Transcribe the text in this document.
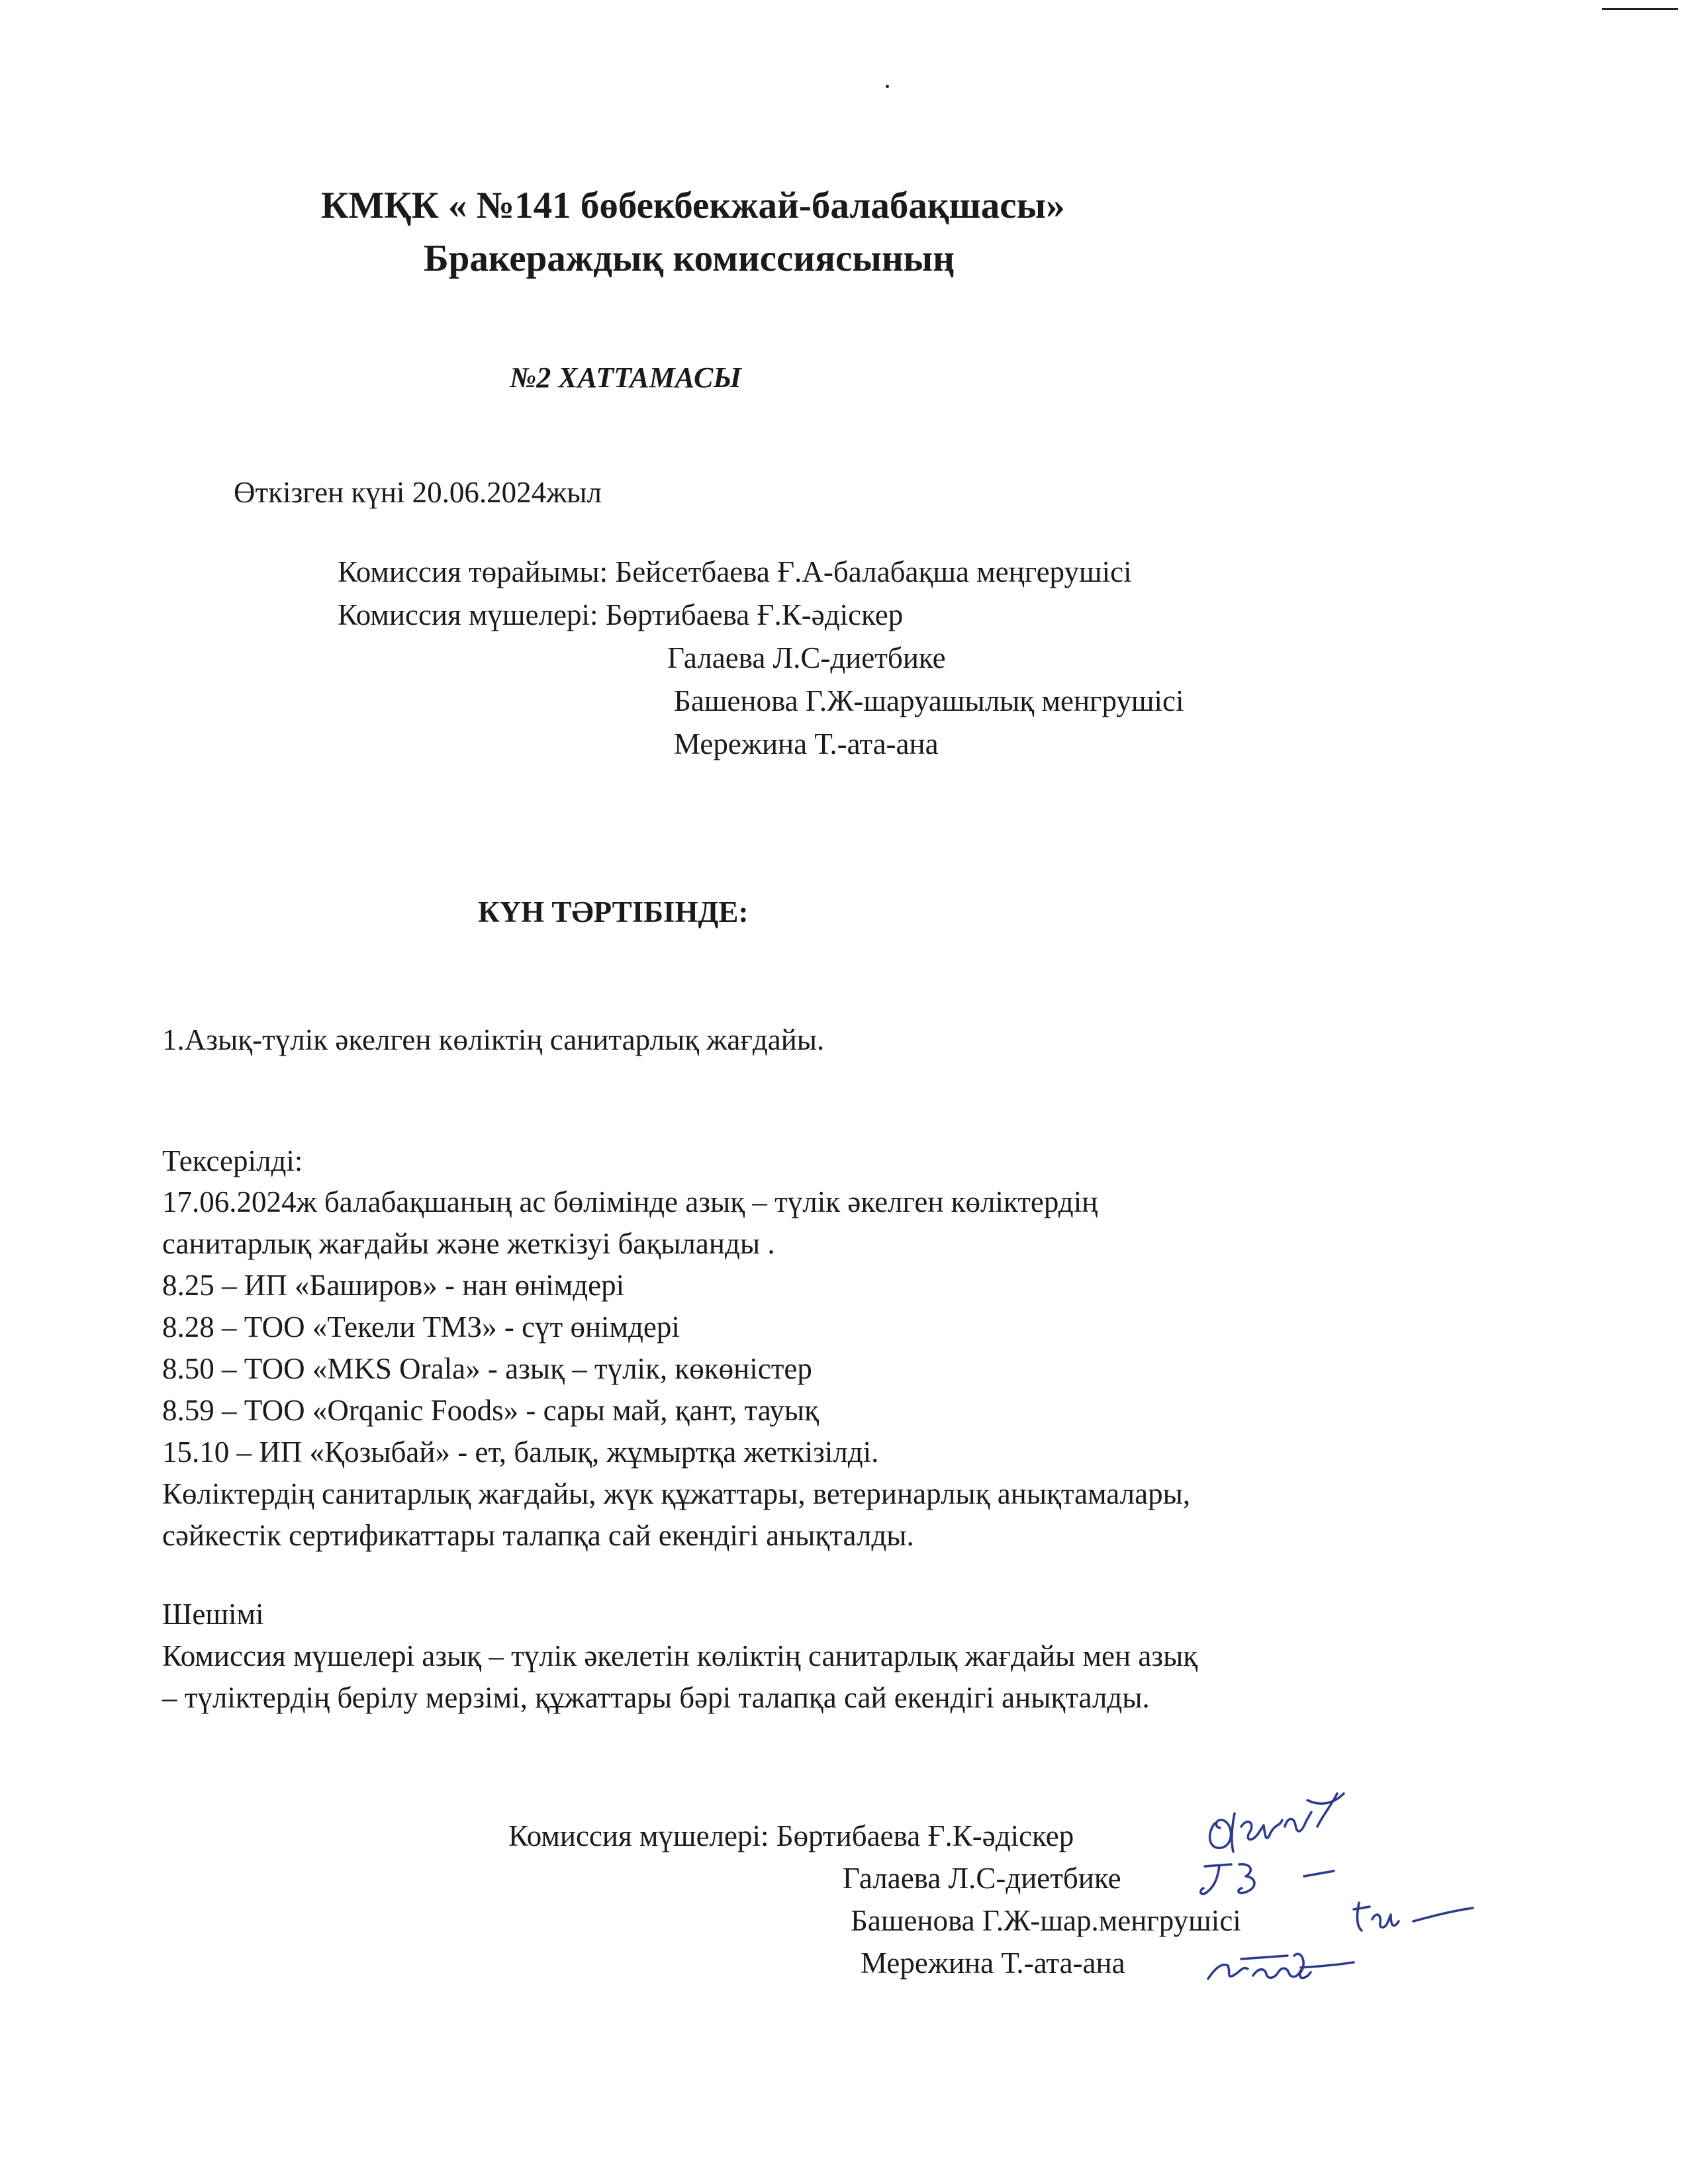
КМҚК « №141 бөбекбекжай-балабақшасы»
Бракераждық комиссиясының
№2 ХАТТАМАСЫ
Өткізген күні 20.06.2024жыл
Комиссия төрайымы: Бейсетбаева Ғ.А-балабақша меңгерушісі
Комиссия мүшелері: Бөртибаева Ғ.К-әдіскер
Галаева Л.С-диетбике
Башенова Г.Ж-шаруашылық менгрушісі
Мережина Т.-ата-ана
КҮН ТӘРТІБІНДЕ:
1.Азық-түлік әкелген көліктің санитарлық жағдайы.
Тексерілді:
17.06.2024ж балабақшаның ас бөлімінде азық – түлік әкелген көліктердің
санитарлық жағдайы және жеткізуі бақыланды .
8.25 – ИП «Баширов» - нан өнімдері
8.28 – ТОО «Текели ТМЗ» - сүт өнімдері
8.50 – ТОО «MKS Orala» - азық – түлік, көкөністер
8.59 – ТОО «Orqanic Foods» - сары май, қант, тауық
15.10 – ИП «Қозыбай» - ет, балық, жұмыртқа жеткізілді.
Көліктердің санитарлық жағдайы, жүк құжаттары, ветеринарлық анықтамалары,
сәйкестік сертификаттары талапқа сай екендігі анықталды.
Шешімі
Комиссия мүшелері азық – түлік әкелетін көліктің санитарлық жағдайы мен азық
– түліктердің берілу мерзімі, құжаттары бәрі талапқа сай екендігі анықталды.
Комиссия мүшелері: Бөртибаева Ғ.К-әдіскер
Галаева Л.С-диетбике
Башенова Г.Ж-шар.менгрушісі
Мережина Т.-ата-ана
